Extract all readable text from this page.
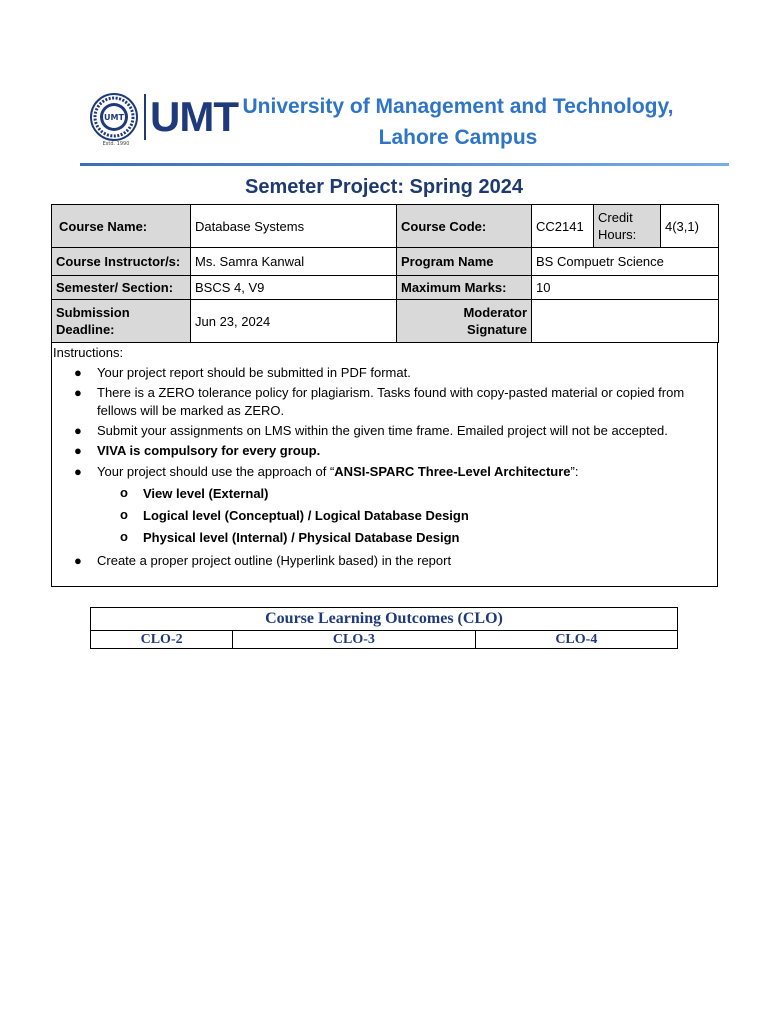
UMT
Estd. 1990
UMT University of Management and Technology,
Lahore Campus
Semeter Project: Spring 2024
Course Name:	Database Systems	Course Code:	CC2141	Credit Hours:	4(3,1)
Course Instructor/s:	Ms. Samra Kanwal	Program Name	BS Compuetr Science		
Semester/ Section:	BSCS 4, V9	Maximum Marks:	10		
Submission Deadline:	Jun 23, 2024	Moderator Signature			
Instructions:
● Your project report should be submitted in PDF format.
● There is a ZERO tolerance policy for plagiarism. Tasks found with copy-pasted material or copied from fellows will be marked as ZERO.
● Submit your assignments on LMS within the given time frame. Emailed project will not be accepted.
● VIVA is compulsory for every group.
● Your project should use the approach of “ANSI-SPARC Three-Level Architecture”:
o View level (External)
o Logical level (Conceptual) / Logical Database Design
o Physical level (Internal) / Physical Database Design
● Create a proper project outline (Hyperlink based) in the report
Course Learning Outcomes (CLO)
CLO-2	CLO-3	CLO-4
